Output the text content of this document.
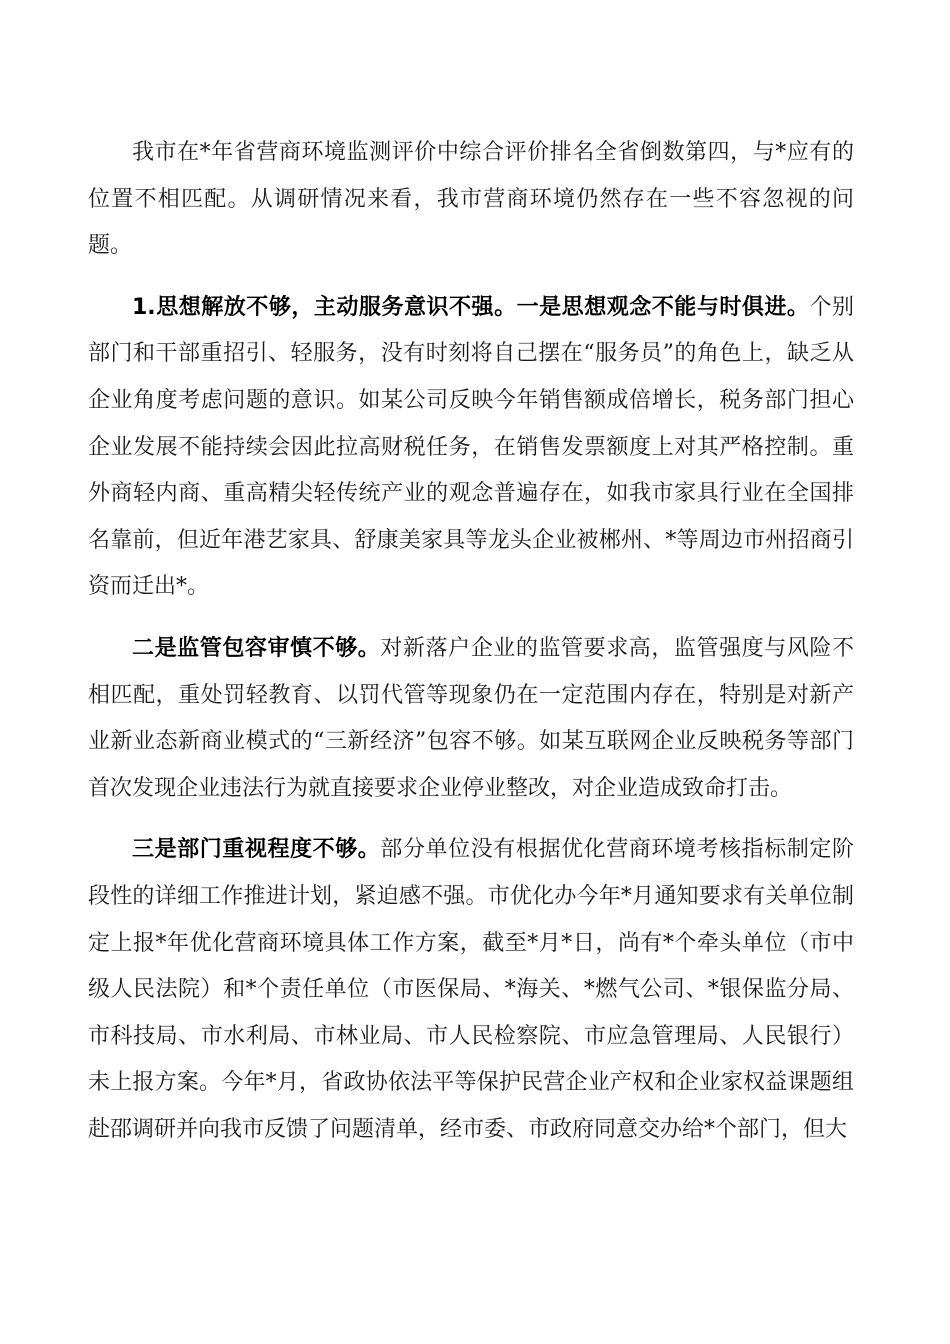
我市在*年省营商环境监测评价中综合评价排名全省倒数第四，与*应有的位置不相匹配。从调研情况来看，我市营商环境仍然存在一些不容忽视的问题。

1.思想解放不够，主动服务意识不强。一是思想观念不能与时俱进。个别部门和干部重招引、轻服务，没有时刻将自己摆在“服务员”的角色上，缺乏从企业角度考虑问题的意识。如某公司反映今年销售额成倍增长，税务部门担心企业发展不能持续会因此拉高财税任务，在销售发票额度上对其严格控制。重外商轻内商、重高精尖轻传统产业的观念普遍存在，如我市家具行业在全国排名靠前，但近年港艺家具、舒康美家具等龙头企业被郴州、*等周边市州招商引资而迁出*。

二是监管包容审慎不够。对新落户企业的监管要求高，监管强度与风险不相匹配，重处罚轻教育、以罚代管等现象仍在一定范围内存在，特别是对新产业新业态新商业模式的“三新经济”包容不够。如某互联网企业反映税务等部门首次发现企业违法行为就直接要求企业停业整改，对企业造成致命打击。

三是部门重视程度不够。部分单位没有根据优化营商环境考核指标制定阶段性的详细工作推进计划，紧迫感不强。市优化办今年*月通知要求有关单位制定上报*年优化营商环境具体工作方案，截至*月*日，尚有*个牵头单位（市中级人民法院）和*个责任单位（市医保局、*海关、*燃气公司、*银保监分局、市科技局、市水利局、市林业局、市人民检察院、市应急管理局、人民银行）未上报方案。今年*月，省政协依法平等保护民营企业产权和企业家权益课题组赴邵调研并向我市反馈了问题清单，经市委、市政府同意交办给*个部门，但大
